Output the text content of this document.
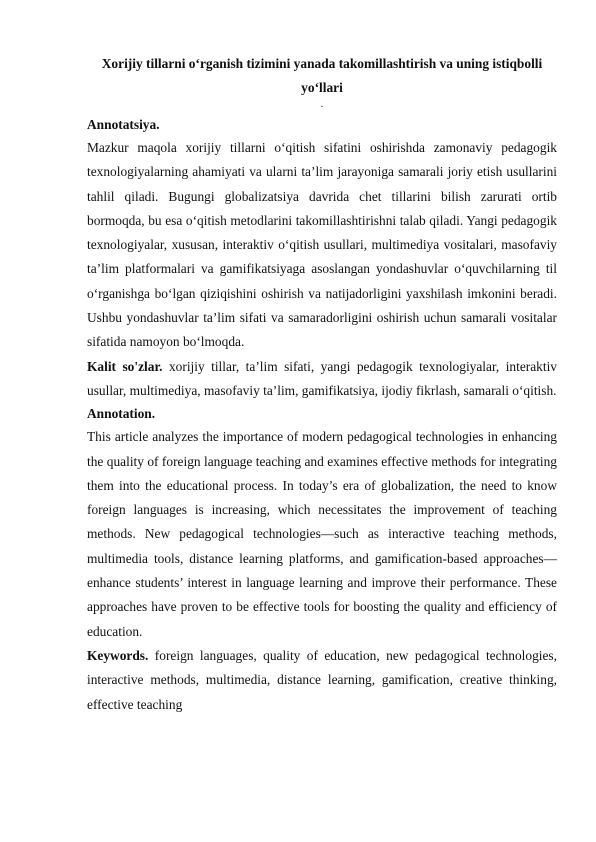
Xorijiy tillarni o‘rganish tizimini yanada takomillashtirish va uning istiqbolli

yo‘llari

.

Annotatsiya.

Mazkur maqola xorijiy tillarni o‘qitish sifatini oshirishda zamonaviy pedagogik texnologiyalarning ahamiyati va ularni ta’lim jarayoniga samarali joriy etish usullarini tahlil qiladi. Bugungi globalizatsiya davrida chet tillarini bilish zarurati ortib bormoqda, bu esa o‘qitish metodlarini takomillashtirishni talab qiladi. Yangi pedagogik texnologiyalar, xususan, interaktiv o‘qitish usullari, multimediya vositalari, masofaviy ta’lim platformalari va gamifikatsiyaga asoslangan yondashuvlar o‘quvchilarning til o‘rganishga bo‘lgan qiziqishini oshirish va natijadorligini yaxshilash imkonini beradi. Ushbu yondashuvlar ta’lim sifati va samaradorligini oshirish uchun samarali vositalar sifatida namoyon bo‘lmoqda.

Kalit so'zlar. xorijiy tillar, ta’lim sifati, yangi pedagogik texnologiyalar, interaktiv usullar, multimediya, masofaviy ta’lim, gamifikatsiya, ijodiy fikrlash, samarali o‘qitish.

Annotation.

This article analyzes the importance of modern pedagogical technologies in enhancing the quality of foreign language teaching and examines effective methods for integrating them into the educational process. In today’s era of globalization, the need to know foreign languages is increasing, which necessitates the improvement of teaching methods. New pedagogical technologies—such as interactive teaching methods, multimedia tools, distance learning platforms, and gamification-based approaches—enhance students’ interest in language learning and improve their performance. These approaches have proven to be effective tools for boosting the quality and efficiency of education.

Keywords. foreign languages, quality of education, new pedagogical technologies, interactive methods, multimedia, distance learning, gamification, creative thinking, effective teaching
